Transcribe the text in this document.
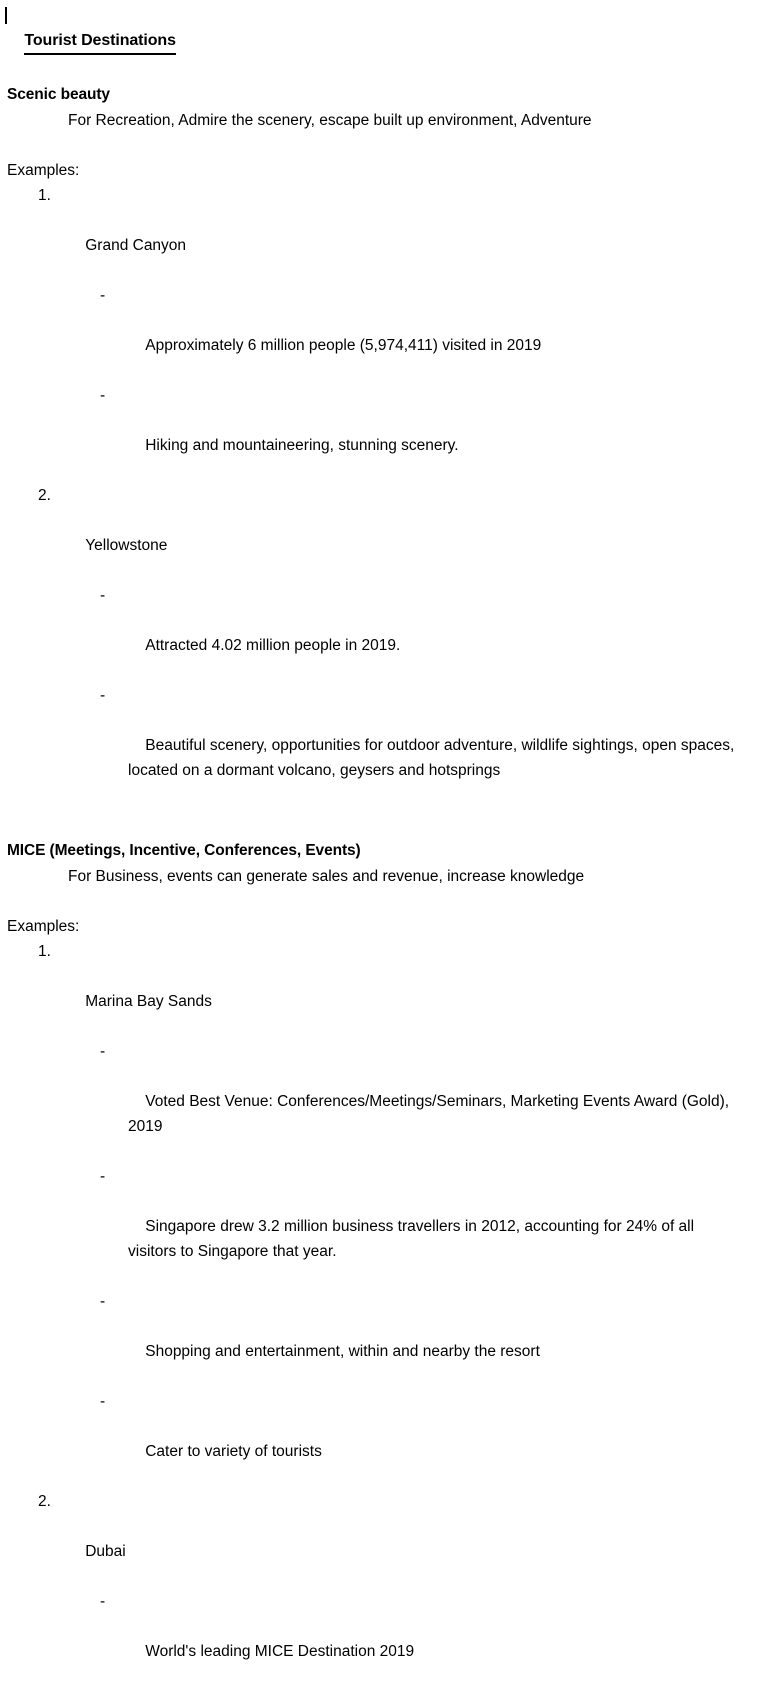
Tourist Destinations

Scenic beauty
For Recreation, Admire the scenery, escape built up environment, Adventure
Examples:

1.

Grand Canyon

-

Approximately 6 million people (5,974,411) visited in 2019

-

Hiking and mountaineering, stunning scenery.

2.

Yellowstone

-

Attracted 4.02 million people in 2019.

-

Beautiful scenery, opportunities for outdoor adventure, wildlife sightings, open spaces, located on a dormant volcano, geysers and hotsprings

MICE (Meetings, Incentive, Conferences, Events)
For Business, events can generate sales and revenue, increase knowledge
Examples:

1.

Marina Bay Sands

-

Voted Best Venue: Conferences/Meetings/Seminars, Marketing Events Award (Gold), 2019

-

Singapore drew 3.2 million business travellers in 2012, accounting for 24% of all visitors to Singapore that year.

-

Shopping and entertainment, within and nearby the resort

-

Cater to variety of tourists

2.

Dubai

-

World's leading MICE Destination 2019
